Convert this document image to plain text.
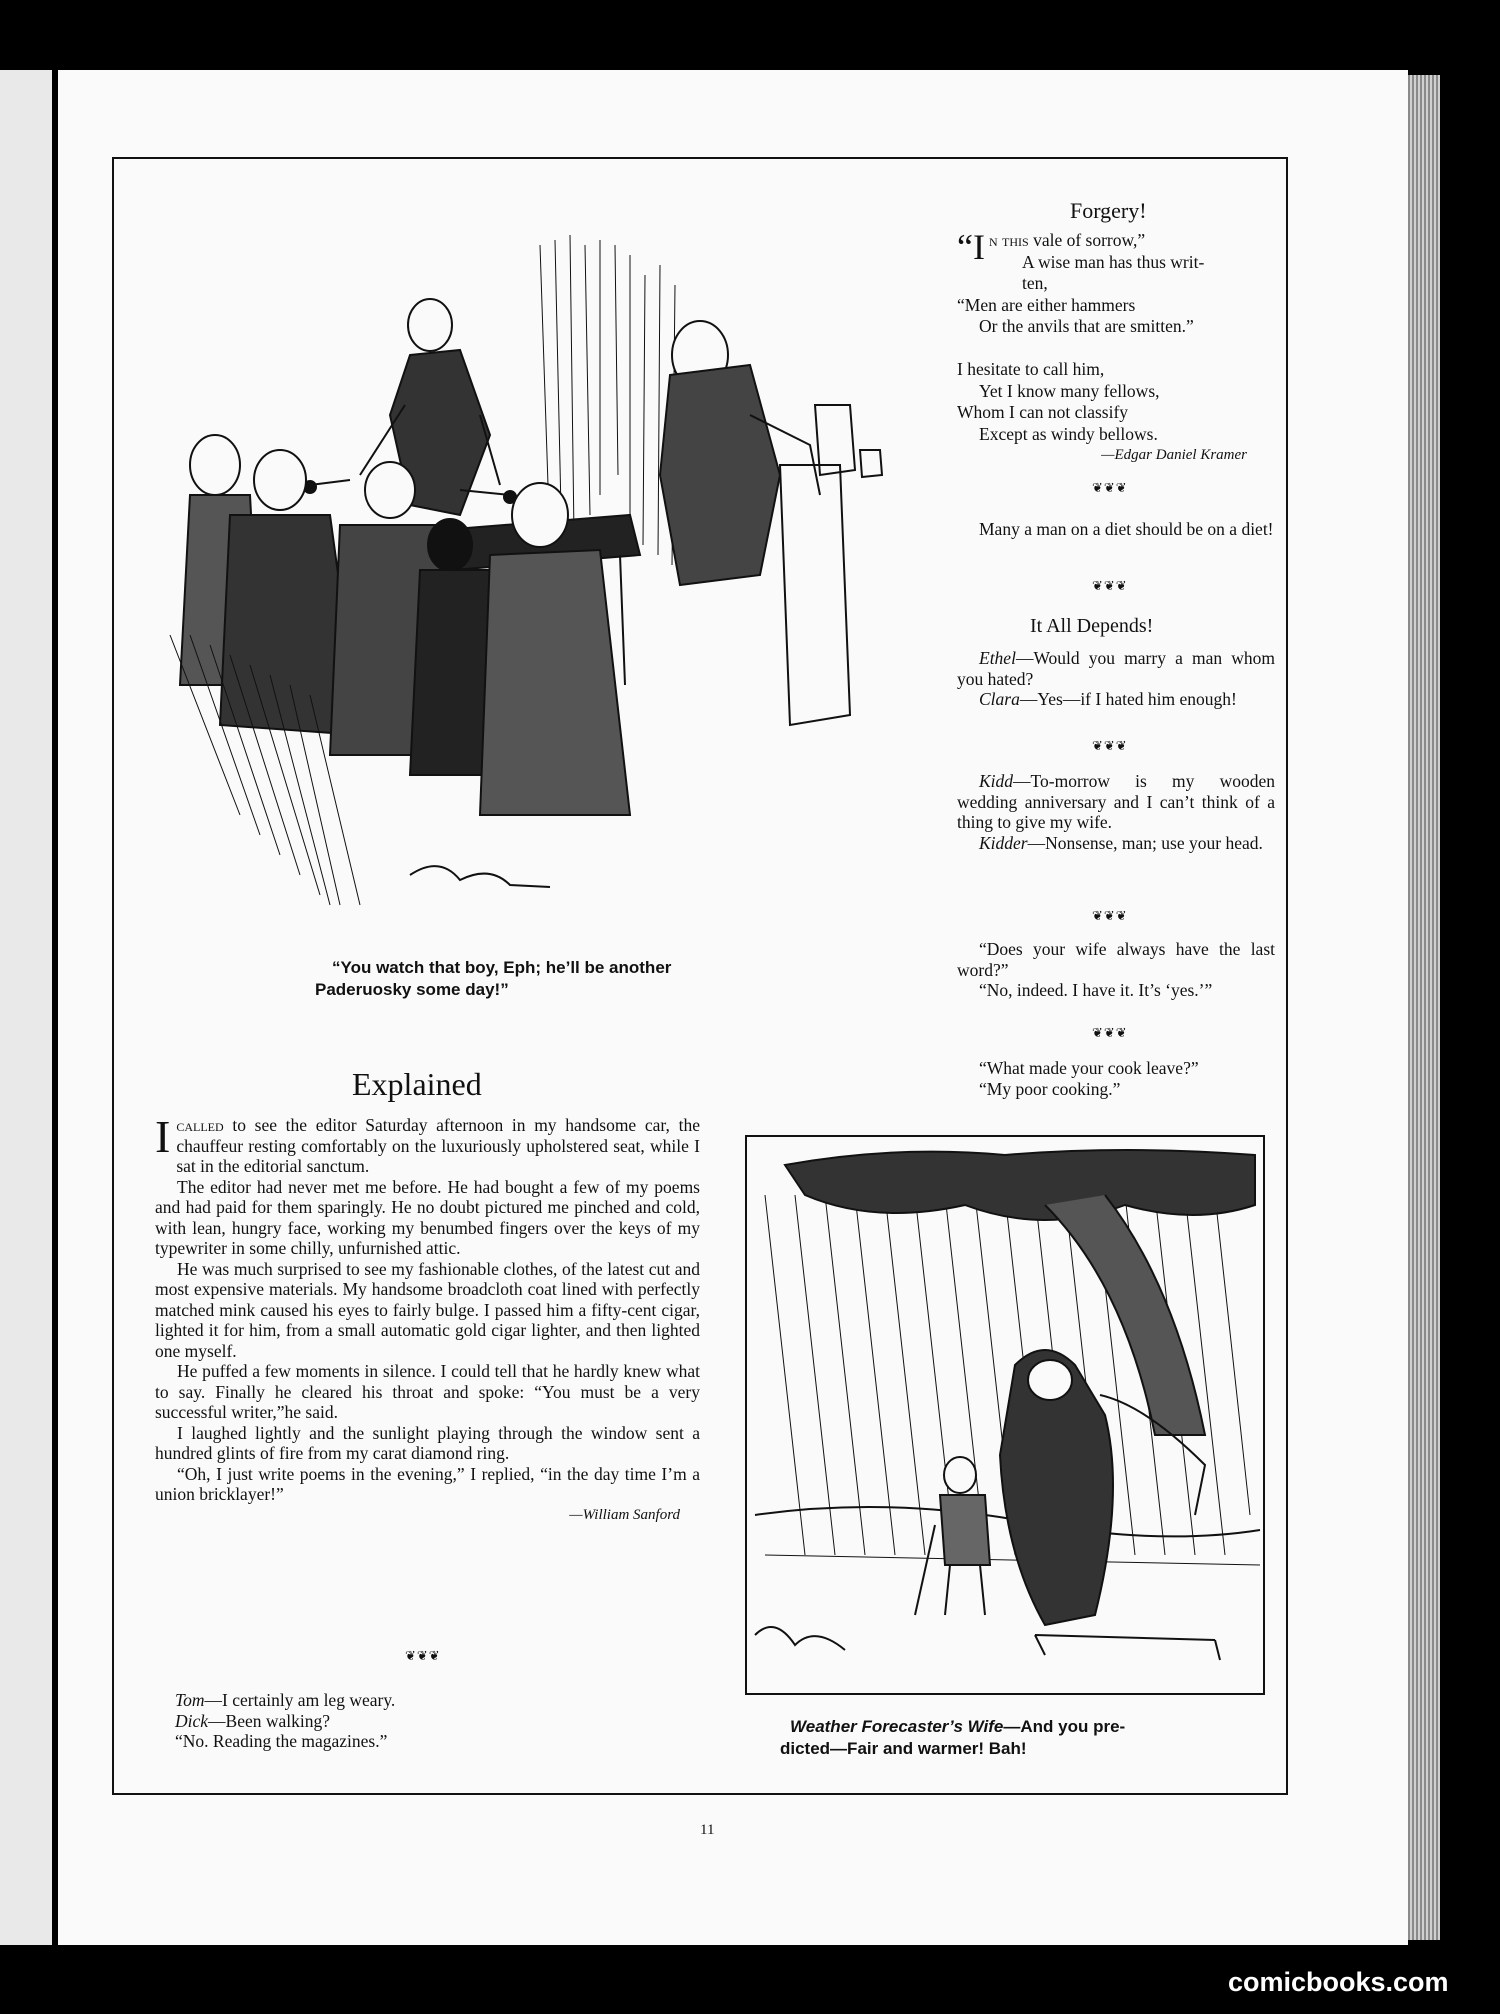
“You watch that boy, Eph; he’ll be another

Paderuosky some day!”

Forgery!

“In this vale of sorrow,”

A wise man has thus writ-

ten,

“Men are either hammers

Or the anvils that are smitten.”

I hesitate to call him,

Yet I know many fellows,

Whom I can not classify

Except as windy bellows.

—Edgar Daniel Kramer

❦❦❦

Many a man on a diet should be on a diet!

❦❦❦

It All Depends!

Ethel—Would you marry a man whom you hated?

Clara—Yes—if I hated him enough!

❦❦❦

Kidd—To-morrow is my wooden wedding anniversary and I can’t think of a thing to give my wife.

Kidder—Nonsense, man; use your head.

❦❦❦

“Does your wife always have the last word?”

“No, indeed. I have it. It’s ‘yes.’”

❦❦❦

“What made your cook leave?”

“My poor cooking.”

Explained

Icalled to see the editor Saturday afternoon in my handsome car, the chauffeur resting comfortably on the luxuriously upholstered seat, while I sat in the editorial sanctum.

The editor had never met me before. He had bought a few of my poems and had paid for them sparingly. He no doubt pictured me pinched and cold, with lean, hungry face, working my benumbed fingers over the keys of my typewriter in some chilly, unfurnished attic.

He was much surprised to see my fashionable clothes, of the latest cut and most expensive materials. My handsome broadcloth coat lined with perfectly matched mink caused his eyes to fairly bulge. I passed him a fifty-cent cigar, lighted it for him, from a small automatic gold cigar lighter, and then lighted one myself.

He puffed a few moments in silence. I could tell that he hardly knew what to say. Finally he cleared his throat and spoke: “You must be a very successful writer,”he said.

I laughed lightly and the sunlight playing through the window sent a hundred glints of fire from my carat diamond ring.

“Oh, I just write poems in the evening,” I replied, “in the day time I’m a union bricklayer!”

—William Sanford

❦❦❦

Tom—I certainly am leg weary.

Dick—Been walking?

“No. Reading the magazines.”

Weather Forecaster’s Wife—And you pre-

dicted—Fair and warmer! Bah!

11

comicbooks.com
